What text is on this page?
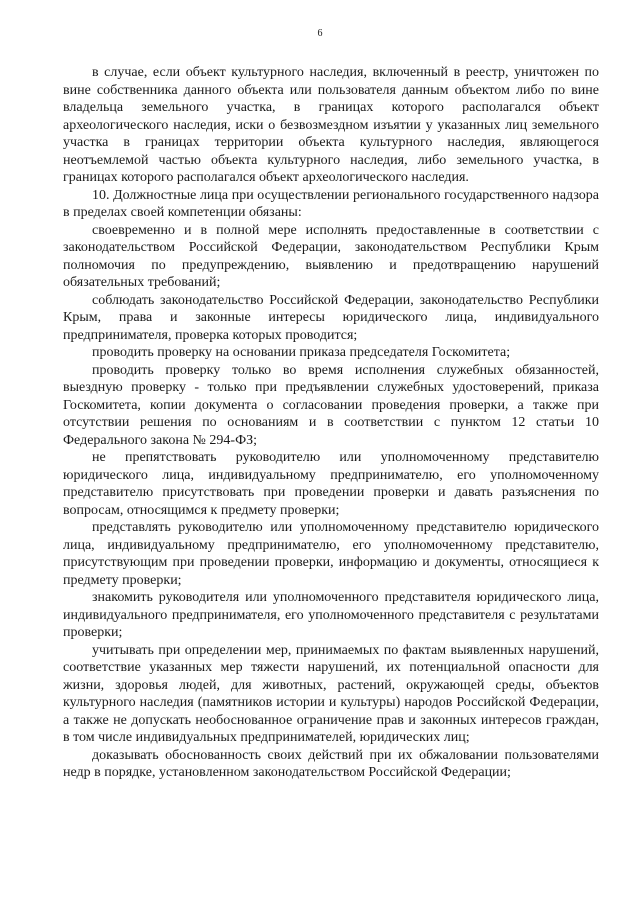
6

в случае, если объект культурного наследия, включенный в реестр, уничтожен по вине собственника данного объекта или пользователя данным объектом либо по вине владельца земельного участка, в границах которого располагался объект археологического наследия, иски о безвозмездном изъятии у указанных лиц земельного участка в границах территории объекта культурного наследия, являющегося неотъемлемой частью объекта культурного наследия, либо земельного участка, в границах которого располагался объект археологического наследия.

10. Должностные лица при осуществлении регионального государственного надзора в пределах своей компетенции обязаны:

своевременно и в полной мере исполнять предоставленные в соответствии с законодательством Российской Федерации, законодательством Республики Крым полномочия по предупреждению, выявлению и предотвращению нарушений обязательных требований;

соблюдать законодательство Российской Федерации, законодательство Республики Крым, права и законные интересы юридического лица, индивидуального предпринимателя, проверка которых проводится;

проводить проверку на основании приказа председателя Госкомитета;

проводить проверку только во время исполнения служебных обязанностей, выездную проверку - только при предъявлении служебных удостоверений, приказа Госкомитета, копии документа о согласовании проведения проверки, а также при отсутствии решения по основаниям и в соответствии с пунктом 12 статьи 10 Федерального закона № 294-ФЗ;

не препятствовать руководителю или уполномоченному представителю юридического лица, индивидуальному предпринимателю, его уполномоченному представителю присутствовать при проведении проверки и давать разъяснения по вопросам, относящимся к предмету проверки;

представлять руководителю или уполномоченному представителю юридического лица, индивидуальному предпринимателю, его уполномоченному представителю, присутствующим при проведении проверки, информацию и документы, относящиеся к предмету проверки;

знакомить руководителя или уполномоченного представителя юридического лица, индивидуального предпринимателя, его уполномоченного представителя с результатами проверки;

учитывать при определении мер, принимаемых по фактам выявленных нарушений, соответствие указанных мер тяжести нарушений, их потенциальной опасности для жизни, здоровья людей, для животных, растений, окружающей среды, объектов культурного наследия (памятников истории и культуры) народов Российской Федерации, а также не допускать необоснованное ограничение прав и законных интересов граждан, в том числе индивидуальных предпринимателей, юридических лиц;

доказывать обоснованность своих действий при их обжаловании пользователями недр в порядке, установленном законодательством Российской Федерации;
